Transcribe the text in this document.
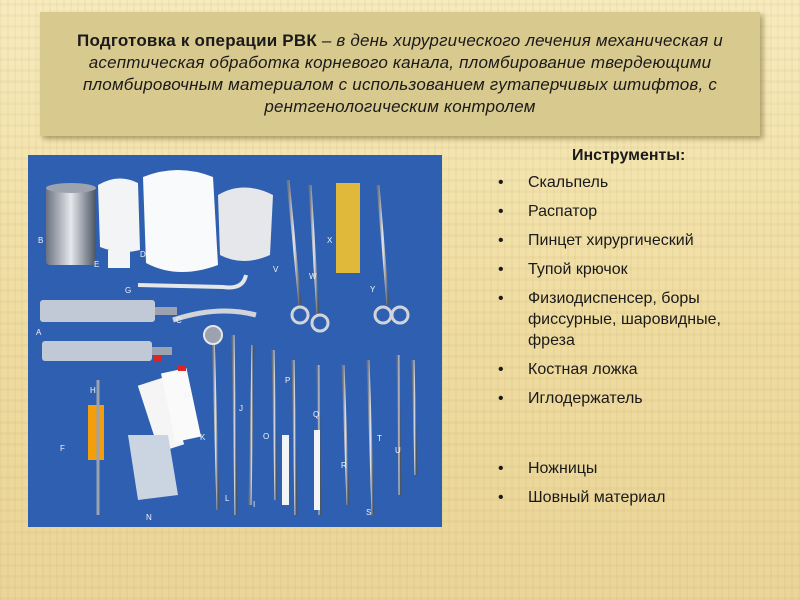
Подготовка к операции РВК – в день хирургического лечения механическая и асептическая обработка корневого канала, пломбирование твердеющими пломбировочным материалом с использованием гутаперчивых штифтов, с рентгенологическим контролем

B
E
D
C
G
A
H
F
N
M
K
L
J
I
O
P
Q
R
S
T
U
V
W
X
Y

Инструменты:

• Скальпель
• Распатор
• Пинцет хирургический
• Тупой крючок
• Физиодиспенсер, боры фиссурные, шаровидные, фреза
• Костная ложка
• Иглодержатель
• Ножницы
• Шовный материал
